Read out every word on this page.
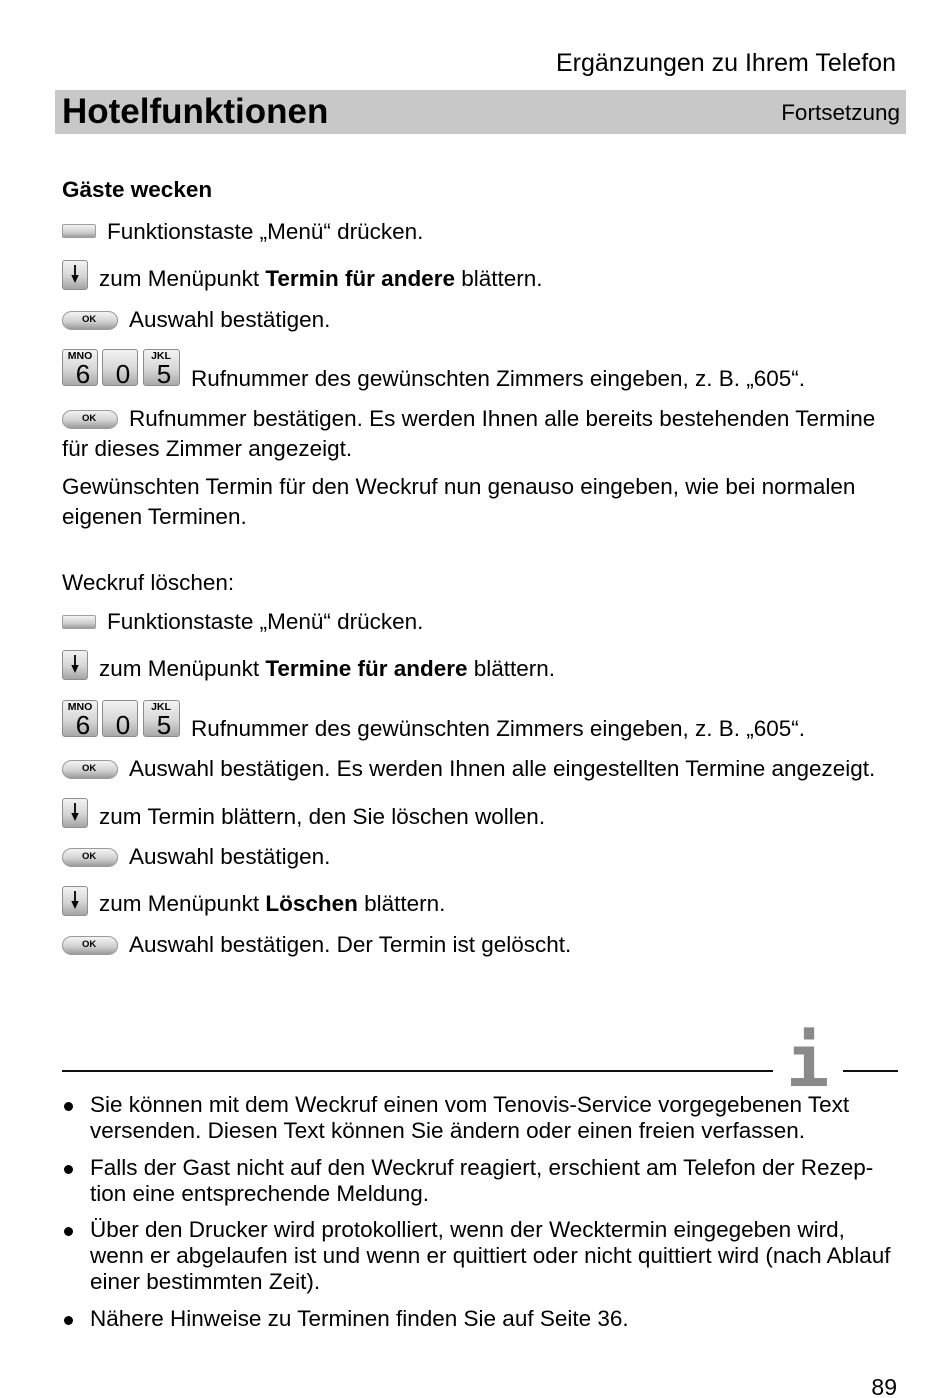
Ergänzungen zu Ihrem Telefon
Hotelfunktionen	Fortsetzung
Gäste wecken
Funktionstaste „Menü“ drücken.
zum Menüpunkt Termin für andere blättern.
OK Auswahl bestätigen.
MNO
6 0
JKL
5 Rufnummer des gewünschten Zimmers eingeben, z. B. „605“.
OK Rufnummer bestätigen. Es werden Ihnen alle bereits bestehenden Termine
für dieses Zimmer angezeigt.
Gewünschten Termin für den Weckruf nun genauso eingeben, wie bei normalen
eigenen Terminen.
Weckruf löschen:
Funktionstaste „Menü“ drücken.
zum Menüpunkt Termine für andere blättern.
MNO
6 0
JKL
5 Rufnummer des gewünschten Zimmers eingeben, z. B. „605“.
OK Auswahl bestätigen. Es werden Ihnen alle eingestellten Termine angezeigt.
zum Termin blättern, den Sie löschen wollen.
OK Auswahl bestätigen.
zum Menüpunkt Löschen blättern.
OK Auswahl bestätigen. Der Termin ist gelöscht.
i
Sie können mit dem Weckruf einen vom Tenovis-Service vorgegebenen Text
versenden. Diesen Text können Sie ändern oder einen freien verfassen.
Falls der Gast nicht auf den Weckruf reagiert, erschient am Telefon der Rezep-
tion eine entsprechende Meldung.
Über den Drucker wird protokolliert, wenn der Wecktermin eingegeben wird,
wenn er abgelaufen ist und wenn er quittiert oder nicht quittiert wird (nach Ablauf
einer bestimmten Zeit).
Nähere Hinweise zu Terminen finden Sie auf Seite 36.
89
